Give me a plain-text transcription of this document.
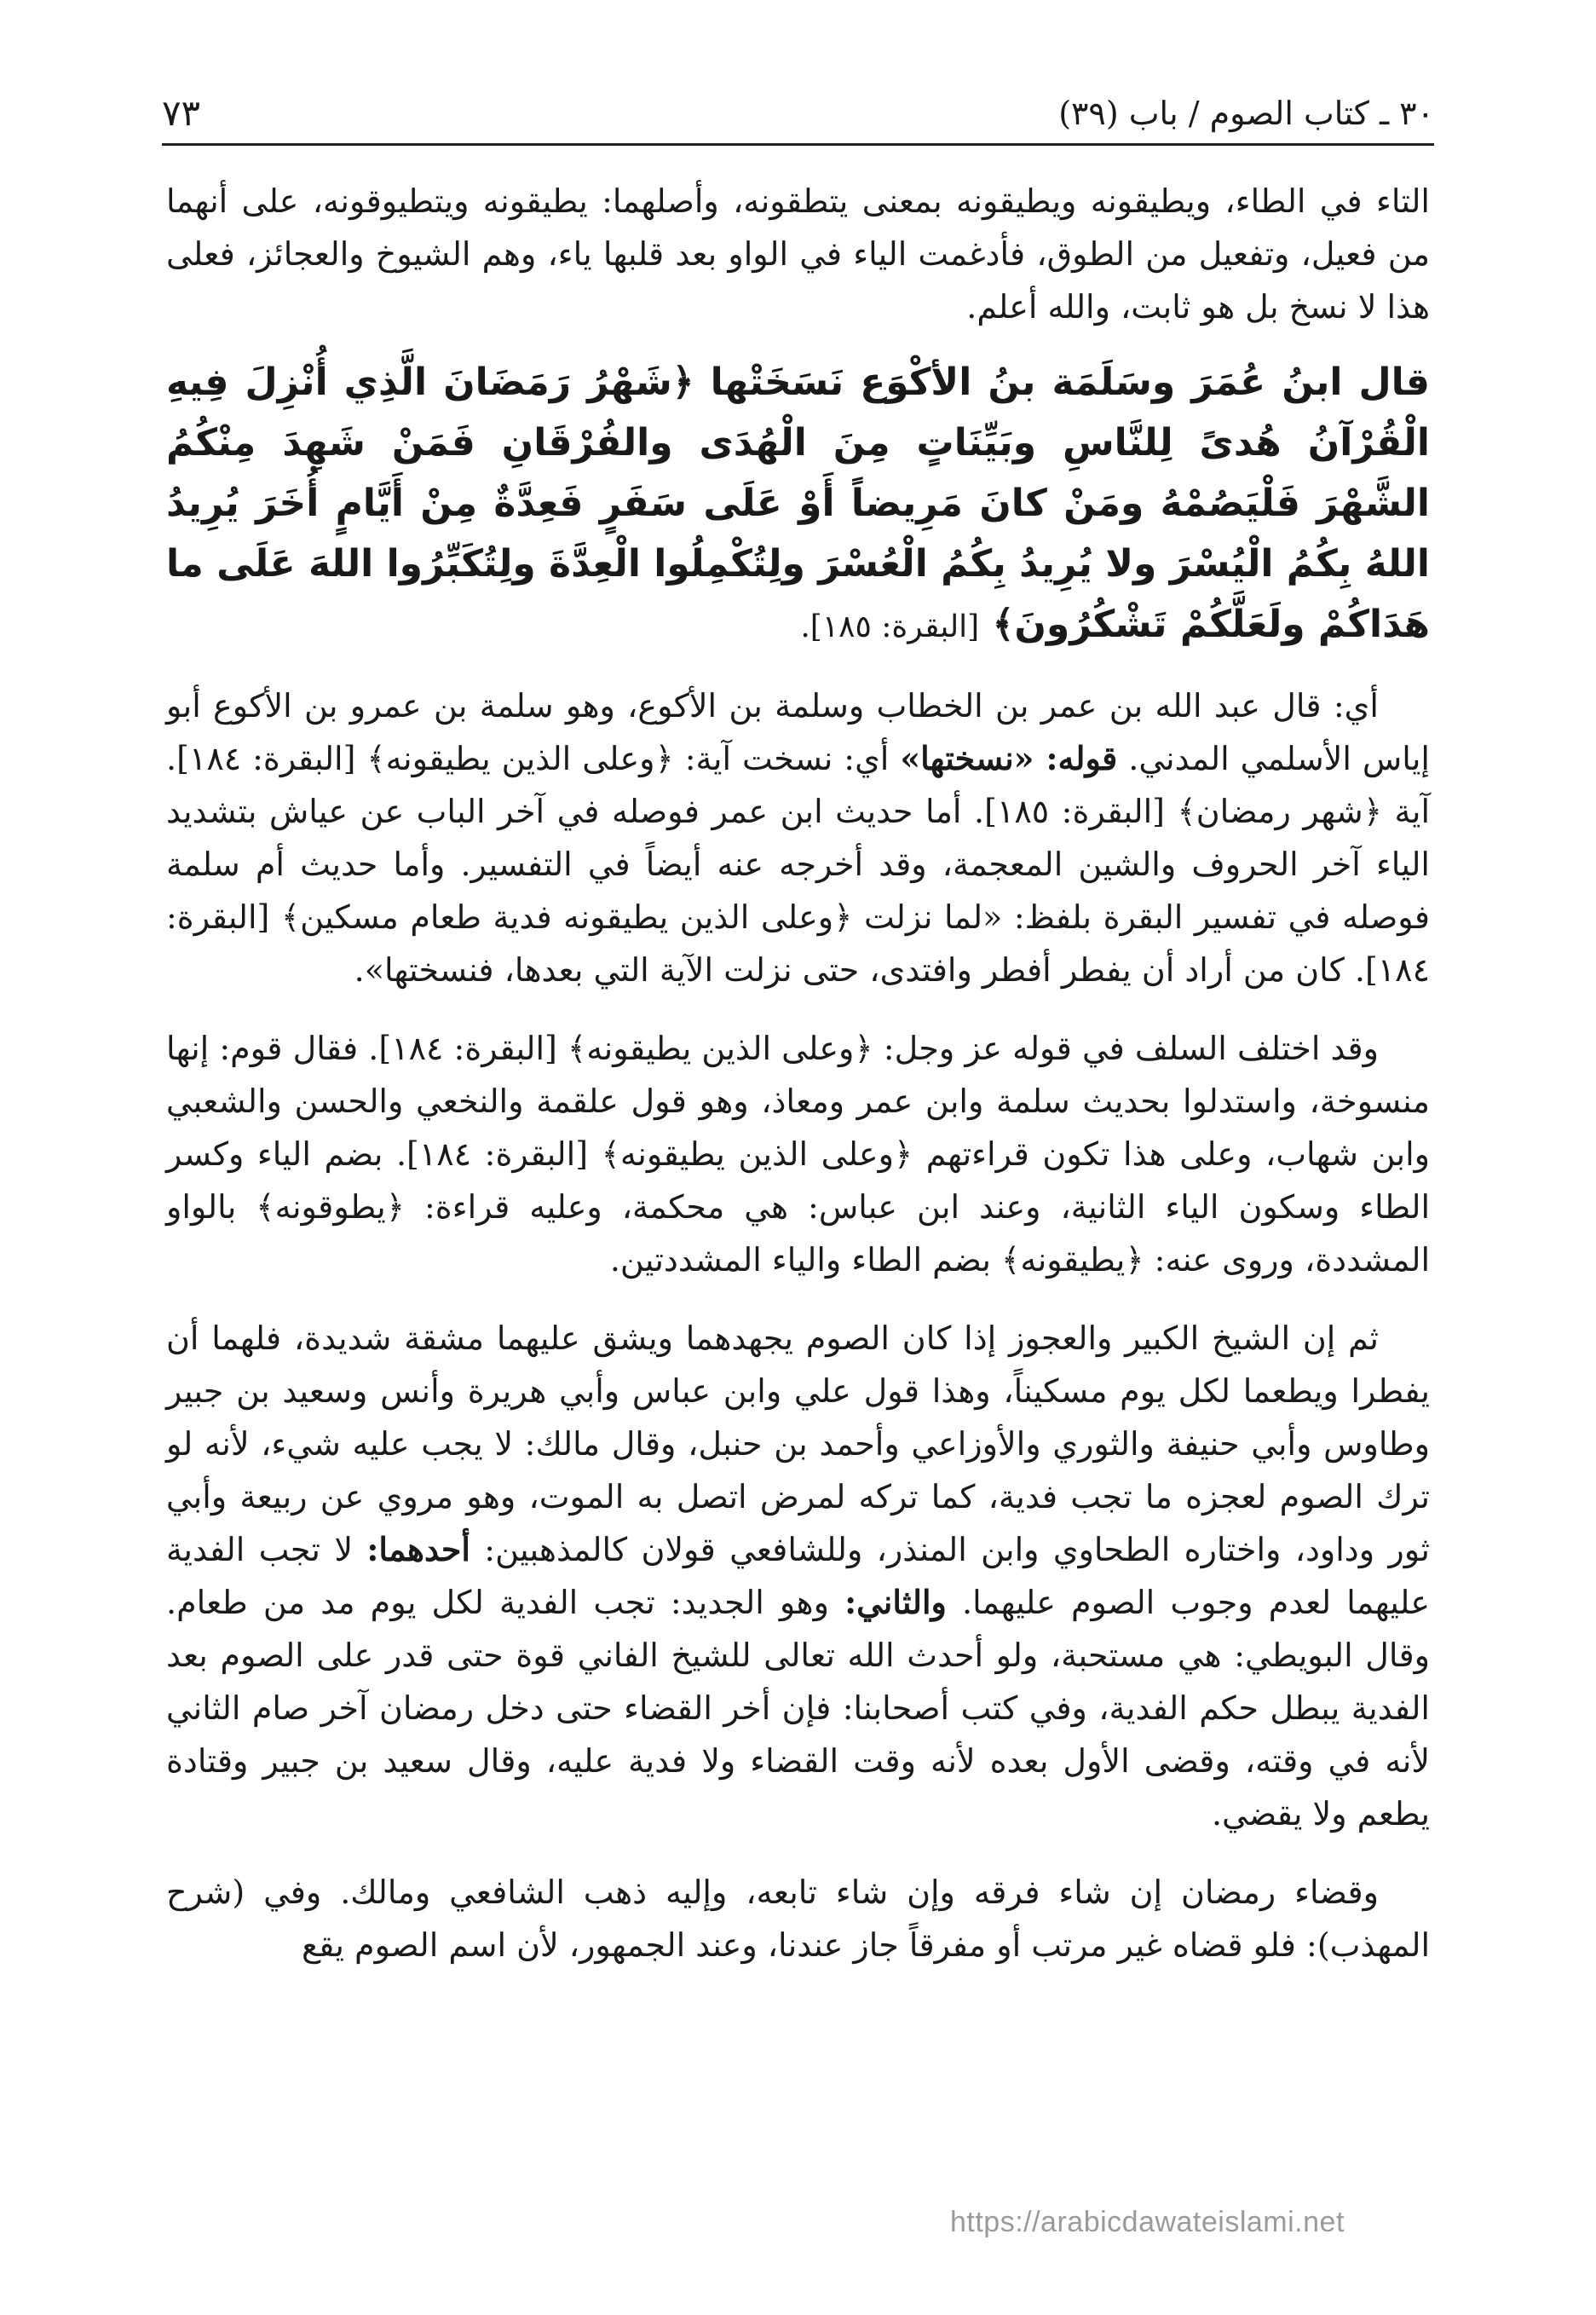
٣٠ ـ كتاب الصوم / باب (٣٩)
٧٣

التاء في الطاء، ويطيقونه ويطيقونه بمعنى يتطقونه، وأصلهما: يطيقونه ويتطيوقونه، على أنهما من فعيل، وتفعيل من الطوق، فأدغمت الياء في الواو بعد قلبها ياء، وهم الشيوخ والعجائز، فعلى هذا لا نسخ بل هو ثابت، والله أعلم.

قال ابنُ عُمَرَ وسَلَمَة بنُ الأكْوَع نَسَخَتْها ﴿شَهْرُ رَمَضَانَ الَّذِي أُنْزِلَ فِيهِ الْقُرْآنُ هُدىً لِلنَّاسِ وبَيِّنَاتٍ مِنَ الْهُدَى والفُرْقَانِ فَمَنْ شَهِدَ مِنْكُمُ الشَّهْرَ فَلْيَصُمْهُ ومَنْ كانَ مَرِيضاً أَوْ عَلَى سَفَرٍ فَعِدَّةٌ مِنْ أَيَّامٍ أُخَرَ يُرِيدُ اللهُ بِكُمُ الْيُسْرَ ولا يُرِيدُ بِكُمُ الْعُسْرَ ولِتُكْمِلُوا الْعِدَّةَ ولِتُكَبِّرُوا اللهَ عَلَى ما هَدَاكُمْ ولَعَلَّكُمْ تَشْكُرُونَ﴾ [البقرة: ١٨٥].

أي: قال عبد الله بن عمر بن الخطاب وسلمة بن الأكوع، وهو سلمة بن عمرو بن الأكوع أبو إياس الأسلمي المدني. قوله: «نسختها» أي: نسخت آية: ﴿وعلى الذين يطيقونه﴾ [البقرة: ١٨٤]. آية ﴿شهر رمضان﴾ [البقرة: ١٨٥]. أما حديث ابن عمر فوصله في آخر الباب عن عياش بتشديد الياء آخر الحروف والشين المعجمة، وقد أخرجه عنه أيضاً في التفسير. وأما حديث أم سلمة فوصله في تفسير البقرة بلفظ: «لما نزلت ﴿وعلى الذين يطيقونه فدية طعام مسكين﴾ [البقرة: ١٨٤]. كان من أراد أن يفطر أفطر وافتدى، حتى نزلت الآية التي بعدها، فنسختها».

وقد اختلف السلف في قوله عز وجل: ﴿وعلى الذين يطيقونه﴾ [البقرة: ١٨٤]. فقال قوم: إنها منسوخة، واستدلوا بحديث سلمة وابن عمر ومعاذ، وهو قول علقمة والنخعي والحسن والشعبي وابن شهاب، وعلى هذا تكون قراءتهم ﴿وعلى الذين يطيقونه﴾ [البقرة: ١٨٤]. بضم الياء وكسر الطاء وسكون الياء الثانية، وعند ابن عباس: هي محكمة، وعليه قراءة: ﴿يطوقونه﴾ بالواو المشددة، وروى عنه: ﴿يطيقونه﴾ بضم الطاء والياء المشددتين.

ثم إن الشيخ الكبير والعجوز إذا كان الصوم يجهدهما ويشق عليهما مشقة شديدة، فلهما أن يفطرا ويطعما لكل يوم مسكيناً، وهذا قول علي وابن عباس وأبي هريرة وأنس وسعيد بن جبير وطاوس وأبي حنيفة والثوري والأوزاعي وأحمد بن حنبل، وقال مالك: لا يجب عليه شيء، لأنه لو ترك الصوم لعجزه ما تجب فدية، كما تركه لمرض اتصل به الموت، وهو مروي عن ربيعة وأبي ثور وداود، واختاره الطحاوي وابن المنذر، وللشافعي قولان كالمذهبين: أحدهما: لا تجب الفدية عليهما لعدم وجوب الصوم عليهما. والثاني: وهو الجديد: تجب الفدية لكل يوم مد من طعام. وقال البويطي: هي مستحبة، ولو أحدث الله تعالى للشيخ الفاني قوة حتى قدر على الصوم بعد الفدية يبطل حكم الفدية، وفي كتب أصحابنا: فإن أخر القضاء حتى دخل رمضان آخر صام الثاني لأنه في وقته، وقضى الأول بعده لأنه وقت القضاء ولا فدية عليه، وقال سعيد بن جبير وقتادة يطعم ولا يقضي.

وقضاء رمضان إن شاء فرقه وإن شاء تابعه، وإليه ذهب الشافعي ومالك. وفي (شرح المهذب): فلو قضاه غير مرتب أو مفرقاً جاز عندنا، وعند الجمهور، لأن اسم الصوم يقع

https://arabicdawateislami.net
